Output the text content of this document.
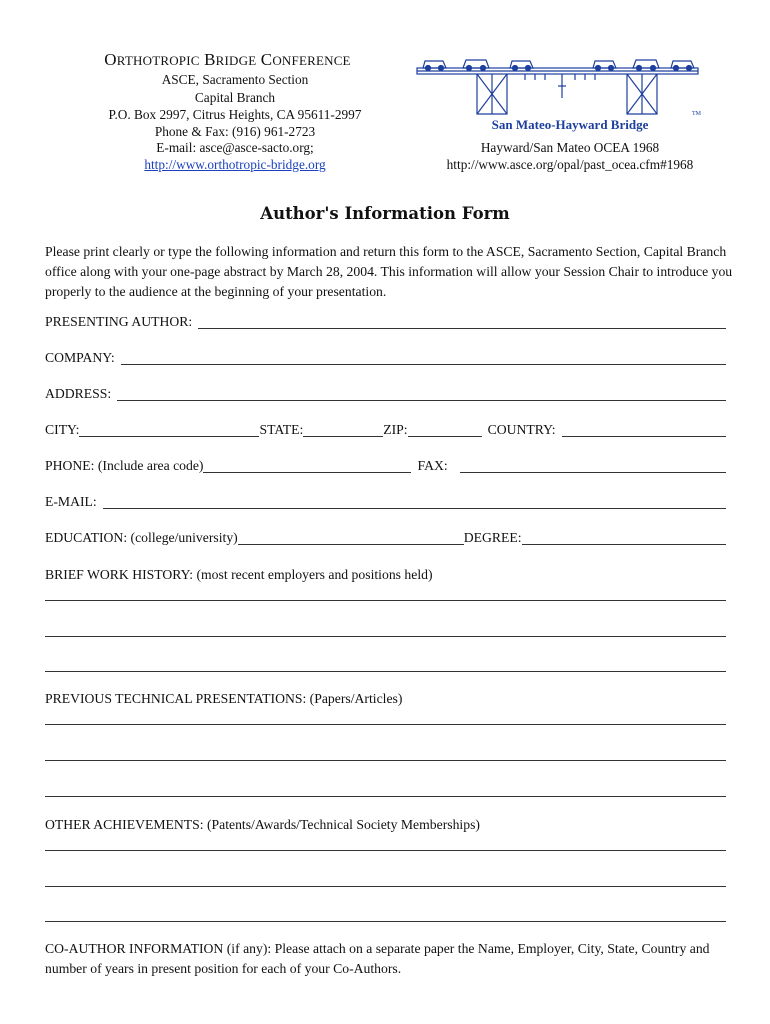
ORTHOTROPIC BRIDGE CONFERENCE
ASCE, Sacramento Section
Capital Branch
P.O. Box 2997, Citrus Heights, CA 95611-2997
Phone & Fax: (916) 961-2723
E-mail: asce@asce-sacto.org;
http://www.orthotropic-bridge.org
TM
San Mateo-Hayward Bridge
Hayward/San Mateo OCEA 1968
http://www.asce.org/opal/past_ocea.cfm#1968
Author's Information Form
Please print clearly or type the following information and return this form to the ASCE, Sacramento Section, Capital Branch office along with your one-page abstract by March 28, 2004. This information will allow your Session Chair to introduce you properly to the audience at the beginning of your presentation.
PRESENTING AUTHOR:
COMPANY:
ADDRESS:
CITY:	STATE:	ZIP:	COUNTRY:
PHONE: (Include area code)	FAX:
E-MAIL:
EDUCATION: (college/university)	DEGREE:
BRIEF WORK HISTORY: (most recent employers and positions held)
PREVIOUS TECHNICAL PRESENTATIONS: (Papers/Articles)
OTHER ACHIEVEMENTS: (Patents/Awards/Technical Society Memberships)
CO-AUTHOR INFORMATION (if any): Please attach on a separate paper the Name, Employer, City, State, Country and number of years in present position for each of your Co-Authors.
